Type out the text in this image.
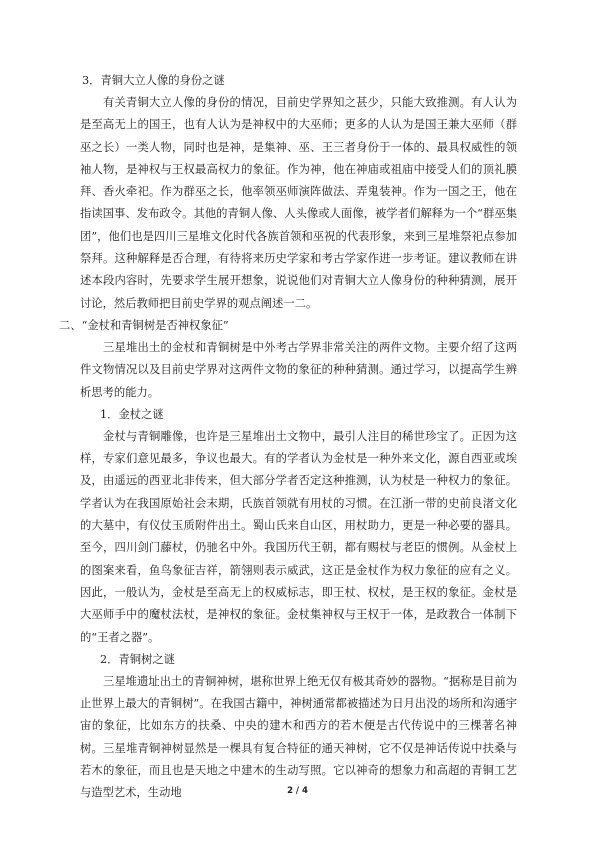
3．青铜大立人像的身份之谜

有关青铜大立人像的身份的情况，目前史学界知之甚少，只能大致推测。有人认为是至高无上的国王，也有人认为是神权中的大巫师；更多的人认为是国王兼大巫师（群巫之长）一类人物，同时也是神，是集神、巫、王三者身份于一体的、最具权威性的领袖人物，是神权与王权最高权力的象征。作为神，他在神庙或祖庙中接受人们的顶礼膜拜、香火牵祀。作为群巫之长，他率领巫师演阵做法、弄鬼装神。作为一国之王，他在指读国事、发布政令。其他的青铜人像、人头像或人面像，被学者们解释为一个“群巫集团”，他们也是四川三星堆文化时代各族首领和巫祝的代表形象，来到三星堆祭祀点参加祭拜。这种解释是否合理，有待将来历史学家和考古学家作进一步考证。建议教师在讲述本段内容时，先要求学生展开想象，说说他们对青铜大立人像身份的种种猜测，展开讨论，然后教师把目前史学界的观点阐述一二。

二、“金杖和青铜树是否神权象征”

三星堆出土的金杖和青铜树是中外考古学界非常关注的两件文物。主要介绍了这两件文物情况以及目前史学界对这两件文物的象征的种种猜测。通过学习，以提高学生辨析思考的能力。

1．金杖之谜

金杖与青铜雕像，也许是三星堆出土文物中，最引人注目的稀世珍宝了。正因为这样，专家们意见最多，争议也最大。有的学者认为金杖是一种外来文化，源自西亚或埃及，由遥远的西亚北非传来，但大部分学者否定这种推测，认为杖是一种权力的象征。学者认为在我国原始社会末期，氏族首领就有用杖的习惯。在江浙一带的史前良渚文化的大墓中，有仪仗玉质附件出土。蜀山氏来自山区，用杖助力，更是一种必要的器具。至今，四川剑门藤杖，仍驰名中外。我国历代王朝，都有赐杖与老臣的惯例。从金杖上的图案来看，鱼鸟象征吉祥，箭翎则表示威武，这正是金杖作为权力象征的应有之义。因此，一般认为，金杖是至高无上的权威标志，即王杖、权杖，是王权的象征。金杖是大巫师手中的魔杖法杖，是神权的象征。金杖集神权与王权于一体，是政教合一体制下的“王者之器”。

2．青铜树之谜

三星堆遗址出土的青铜神树，堪称世界上绝无仅有极其奇妙的器物。“据称是目前为止世界上最大的青铜树”。在我国古籍中，神树通常都被描述为日月出没的场所和沟通宇宙的象征，比如东方的扶桑、中央的建木和西方的若木便是古代传说中的三棵著名神树。三星堆青铜神树显然是一棵具有复合特征的通天神树，它不仅是神话传说中扶桑与若木的象征，而且也是天地之中建木的生动写照。它以神奇的想象力和高超的青铜工艺与造型艺术，生动地	2 / 4
